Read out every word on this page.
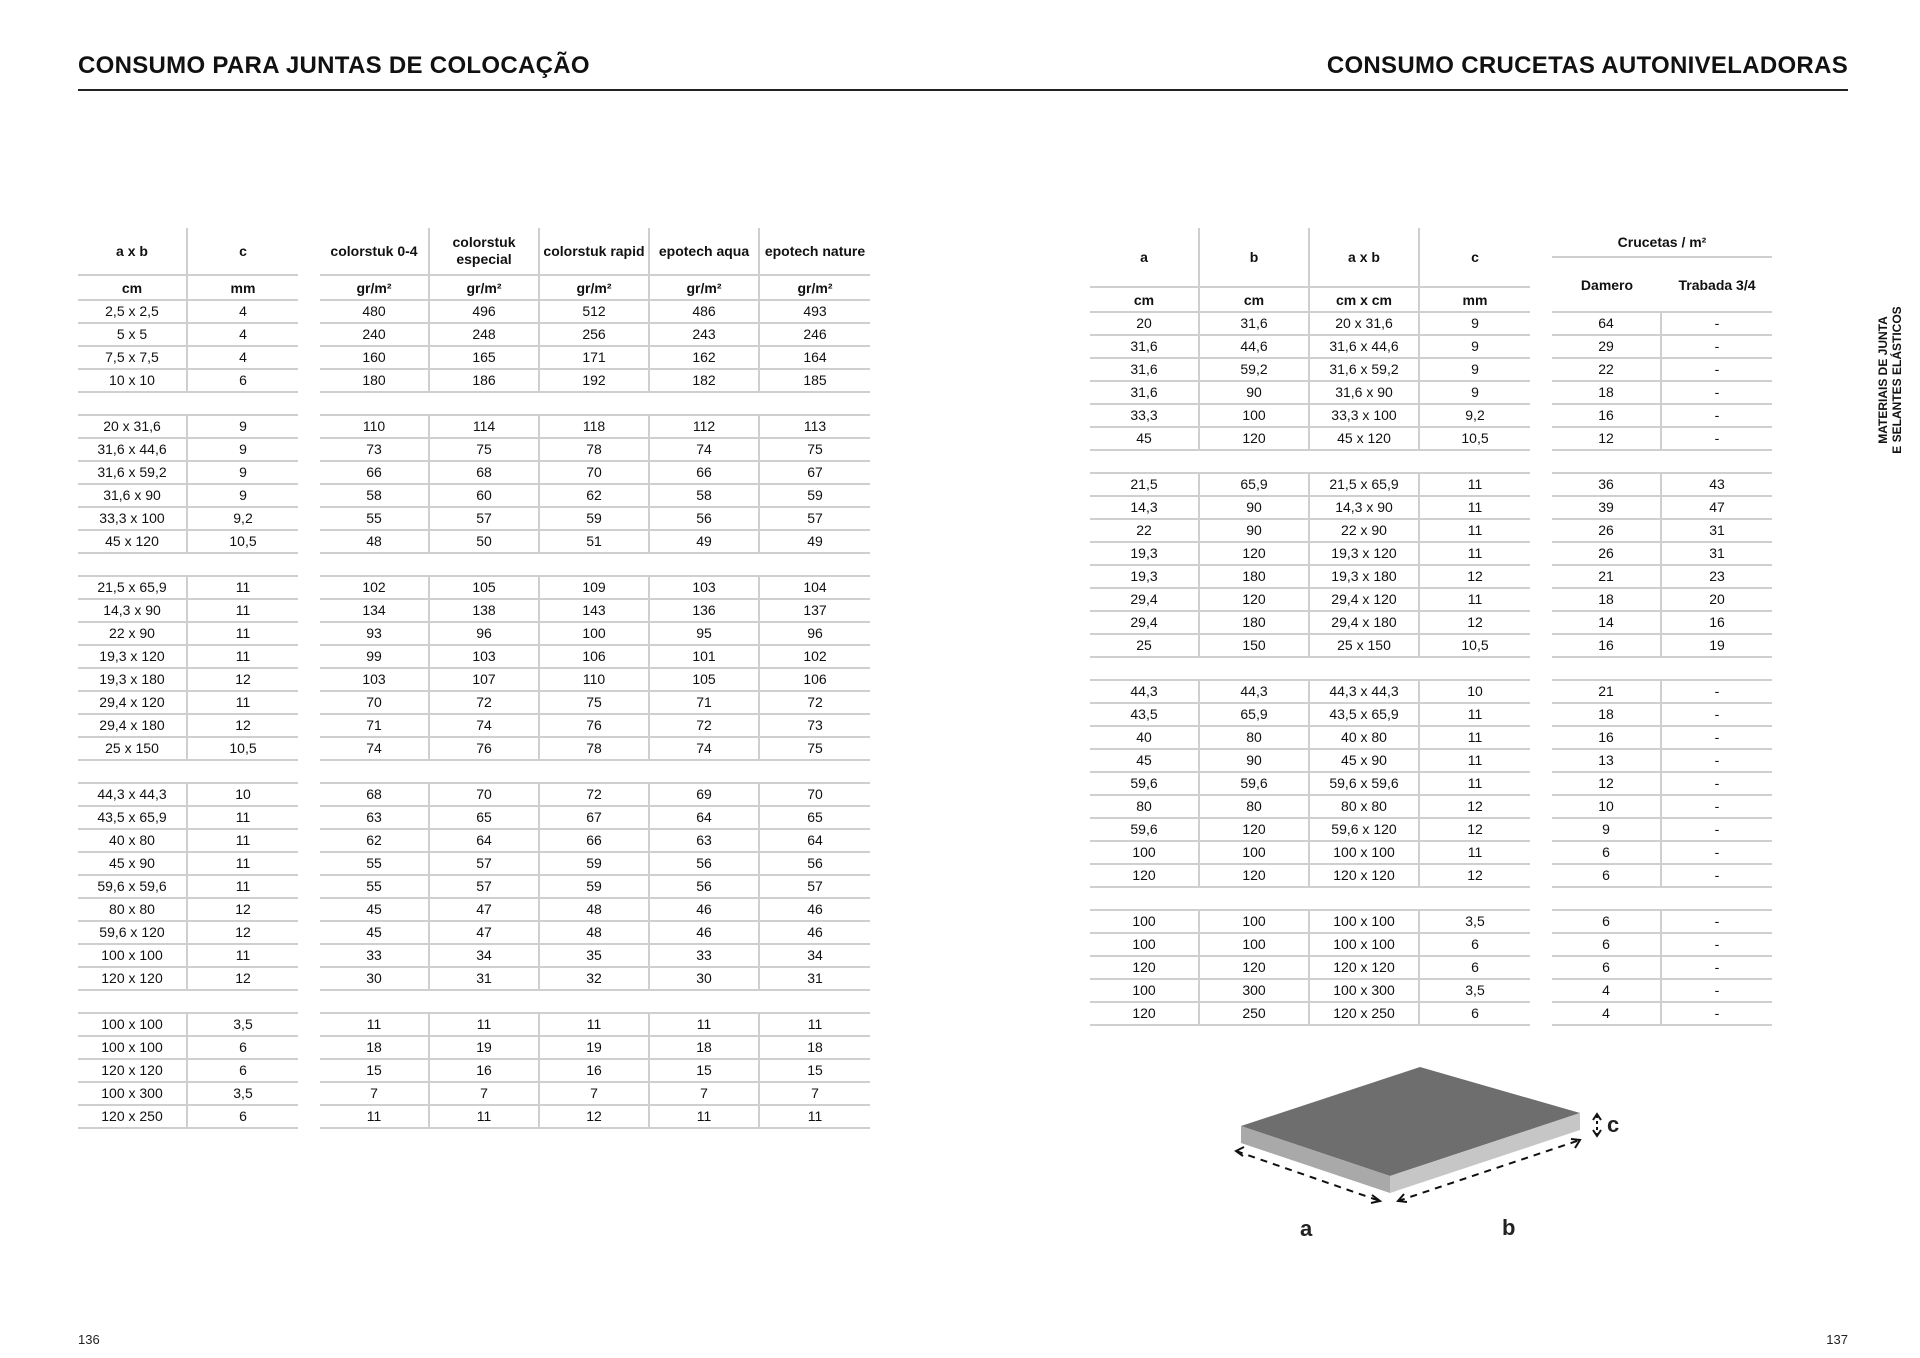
CONSUMO PARA JUNTAS DE COLOCAÇÃO	CONSUMO CRUCETAS AUTONIVELADORAS
a x b	c		colorstuk 0-4	colorstuk especial	colorstuk rapid	epotech aqua	epotech nature
cm	mm		gr/m²	gr/m²	gr/m²	gr/m²	gr/m²
2,5 x 2,5	4		480	496	512	486	493
5 x 5	4		240	248	256	243	246
7,5 x 7,5	4		160	165	171	162	164
10 x 10	6		180	186	192	182	185

20 x 31,6	9		110	114	118	112	113
31,6 x 44,6	9		73	75	78	74	75
31,6 x 59,2	9		66	68	70	66	67
31,6 x 90	9		58	60	62	58	59
33,3 x 100	9,2		55	57	59	56	57
45 x 120	10,5		48	50	51	49	49

21,5 x 65,9	11		102	105	109	103	104
14,3 x 90	11		134	138	143	136	137
22 x 90	11		93	96	100	95	96
19,3 x 120	11		99	103	106	101	102
19,3 x 180	12		103	107	110	105	106
29,4 x 120	11		70	72	75	71	72
29,4 x 180	12		71	74	76	72	73
25 x 150	10,5		74	76	78	74	75

44,3 x 44,3	10		68	70	72	69	70
43,5 x 65,9	11		63	65	67	64	65
40 x 80	11		62	64	66	63	64
45 x 90	11		55	57	59	56	56
59,6 x 59,6	11		55	57	59	56	57
80 x 80	12		45	47	48	46	46
59,6 x 120	12		45	47	48	46	46
100 x 100	11		33	34	35	33	34
120 x 120	12		30	31	32	30	31

100 x 100	3,5		11	11	11	11	11
100 x 100	6		18	19	19	18	18
120 x 120	6		15	16	16	15	15
100 x 300	3,5		7	7	7	7	7
120 x 250	6		11	11	12	11	11
a	b	a x b	c		Crucetas / m²	
					Damero	Trabada 3/4
cm	cm	cm x cm	mm			
20	31,6	20 x 31,6	9		64	-
31,6	44,6	31,6 x 44,6	9		29	-
31,6	59,2	31,6 x 59,2	9		22	-
31,6	90	31,6 x 90	9		18	-
33,3	100	33,3 x 100	9,2		16	-
45	120	45 x 120	10,5		12	-

21,5	65,9	21,5 x 65,9	11		36	43
14,3	90	14,3 x 90	11		39	47
22	90	22 x 90	11		26	31
19,3	120	19,3 x 120	11		26	31
19,3	180	19,3 x 180	12		21	23
29,4	120	29,4 x 120	11		18	20
29,4	180	29,4 x 180	12		14	16
25	150	25 x 150	10,5		16	19

44,3	44,3	44,3 x 44,3	10		21	-
43,5	65,9	43,5 x 65,9	11		18	-
40	80	40 x 80	11		16	-
45	90	45 x 90	11		13	-
59,6	59,6	59,6 x 59,6	11		12	-
80	80	80 x 80	12		10	-
59,6	120	59,6 x 120	12		9	-
100	100	100 x 100	11		6	-
120	120	120 x 120	12		6	-

100	100	100 x 100	3,5		6	-
100	100	100 x 100	6		6	-
120	120	120 x 120	6		6	-
100	300	100 x 300	3,5		4	-
120	250	120 x 250	6		4	-
MATERIAIS DE JUNTA E SELANTES ELÁSTICOS
a	b
c
136	137
